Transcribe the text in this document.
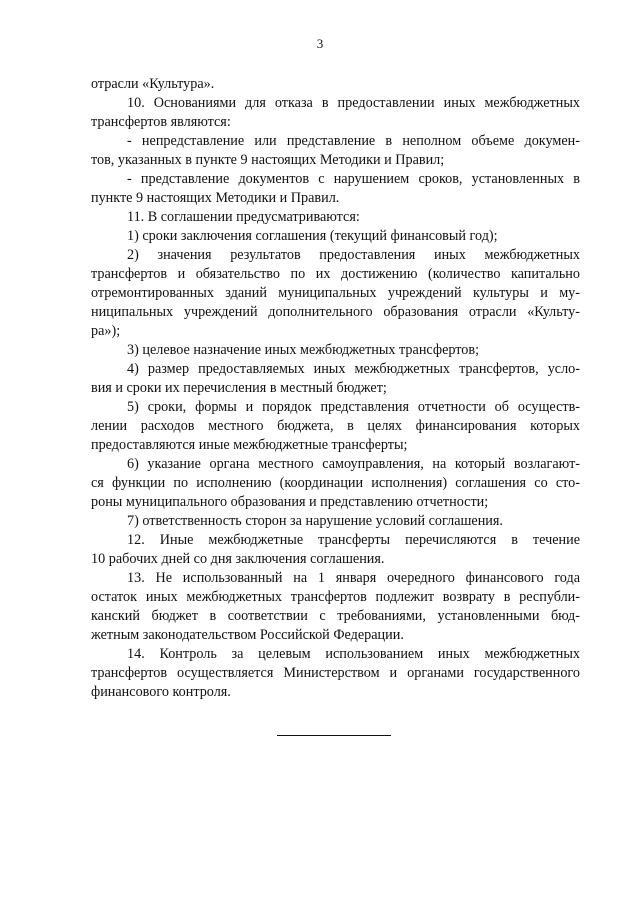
3
отрасли «Культура».
10. Основаниями для отказа в предоставлении иных межбюджетных
трансфертов являются:
- непредставление или представление в неполном объеме докумен-
тов, указанных в пункте 9 настоящих Методики и Правил;
- представление документов с нарушением сроков, установленных в
пункте 9 настоящих Методики и Правил.
11. В соглашении предусматриваются:
1) сроки заключения соглашения (текущий финансовый год);
2) значения результатов предоставления иных межбюджетных
трансфертов и обязательство по их достижению (количество капитально
отремонтированных зданий муниципальных учреждений культуры и му-
ниципальных учреждений дополнительного образования отрасли «Культу-
ра»);
3) целевое назначение иных межбюджетных трансфертов;
4) размер предоставляемых иных межбюджетных трансфертов, усло-
вия и сроки их перечисления в местный бюджет;
5) сроки, формы и порядок представления отчетности об осуществ-
лении расходов местного бюджета, в целях финансирования которых
предоставляются иные межбюджетные трансферты;
6) указание органа местного самоуправления, на который возлагают-
ся функции по исполнению (координации исполнения) соглашения со сто-
роны муниципального образования и представлению отчетности;
7) ответственность сторон за нарушение условий соглашения.
12. Иные межбюджетные трансферты перечисляются в течение
10 рабочих дней со дня заключения соглашения.
13. Не использованный на 1 января очередного финансового года
остаток иных межбюджетных трансфертов подлежит возврату в республи-
канский бюджет в соответствии с требованиями, установленными бюд-
жетным законодательством Российской Федерации.
14. Контроль за целевым использованием иных межбюджетных
трансфертов осуществляется Министерством и органами государственного
финансового контроля.
